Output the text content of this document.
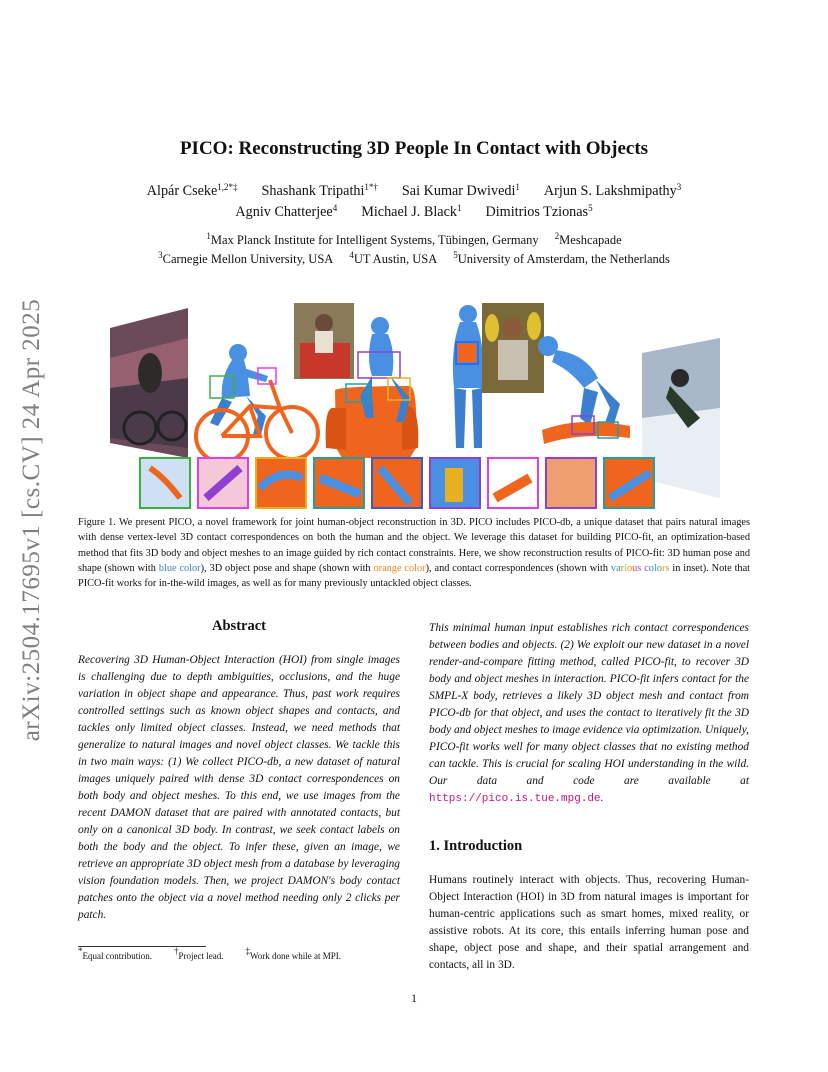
arXiv:2504.17695v1 [cs.CV] 24 Apr 2025
PICO: Reconstructing 3D People In Contact with Objects
Alpár Cseke$^{1,2*\ddagger}$ Shashank Tripathi$^{1*\dagger}$ Sai Kumar Dwivedi$^1$ Arjun S. Lakshmipathy$^3$
Agniv Chatterjee$^4$ Michael J. Black$^1$ Dimitrios Tzionas$^5$
$^1$Max Planck Institute for Intelligent Systems, Tübingen, Germany $^2$Meshcapade
$^3$Carnegie Mellon University, USA $^4$UT Austin, USA $^5$University of Amsterdam, the Netherlands
Figure 1. We present PICO, a novel framework for joint human-object reconstruction in 3D. PICO includes PICO-db, a unique dataset that pairs natural images with dense vertex-level 3D contact correspondences on both the human and the object. We leverage this dataset for building PICO-fit, an optimization-based method that fits 3D body and object meshes to an image guided by rich contact constraints. Here, we show reconstruction results of PICO-fit: 3D human pose and shape (shown with blue color), 3D object pose and shape (shown with orange color), and contact correspondences (shown with various colors in inset). Note that PICO-fit works for in-the-wild images, as well as for many previously untackled object classes.
Abstract
Recovering 3D Human-Object Interaction (HOI) from single images is challenging due to depth ambiguities, occlusions, and the huge variation in object shape and appearance. Thus, past work requires controlled settings such as known object shapes and contacts, and tackles only limited object classes. Instead, we need methods that generalize to natural images and novel object classes. We tackle this in two main ways: (1) We collect PICO-db, a new dataset of natural images uniquely paired with dense 3D contact correspondences on both body and object meshes. To this end, we use images from the recent DAMON dataset that are paired with annotated contacts, but only on a canonical 3D body. In contrast, we seek contact labels on both the body and the object. To infer these, given an image, we retrieve an appropriate 3D object mesh from a database by leveraging vision foundation models. Then, we project DAMON's body contact patches onto the object via a novel method needing only 2 clicks per patch.
This minimal human input establishes rich contact correspondences between bodies and objects. (2) We exploit our new dataset in a novel render-and-compare fitting method, called PICO-fit, to recover 3D body and object meshes in interaction. PICO-fit infers contact for the SMPL-X body, retrieves a likely 3D object mesh and contact from PICO-db for that object, and uses the contact to iteratively fit the 3D body and object meshes to image evidence via optimization. Uniquely, PICO-fit works well for many object classes that no existing method can tackle. This is crucial for scaling HOI understanding in the wild. Our data and code are available at https://pico.is.tue.mpg.de.
1. Introduction
Humans routinely interact with objects. Thus, recovering Human-Object Interaction (HOI) in 3D from natural images is important for human-centric applications such as smart homes, mixed reality, or assistive robots. At its core, this entails inferring human pose and shape, object pose and shape, and their spatial arrangement and contacts, all in 3D.
*Equal contribution. †Project lead. ‡Work done while at MPI.
1
